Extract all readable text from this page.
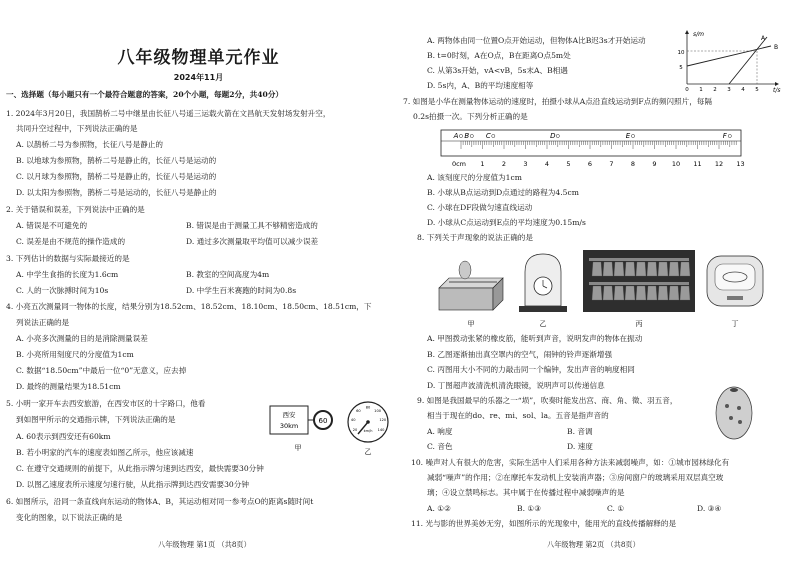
八年级物理单元作业
2024年11月
一、选择题（每小题只有一个最符合题意的答案，20个小题，每题2分，共40分）
1. 2024年3月20日，我国鹊桥二号中继星由长征八号遥三运载火箭在文昌航天发射场发射升空，
共同升空过程中，下列说法正确的是
A. 以鹊桥二号为参照物，长征八号是静止的
B. 以地球为参照物，鹊桥二号是静止的，长征八号是运动的
C. 以月球为参照物，鹊桥二号是静止的，长征八号是运动的
D. 以太阳为参照物，鹊桥二号是运动的，长征八号是静止的
2. 关于错误和误差，下列说法中正确的是
A. 错误是不可避免的	B. 错误是由于测量工具不够精密造成的
C. 误差是由不规范的操作造成的	D. 通过多次测量取平均值可以减少误差
3. 下列估计的数据与实际最接近的是
A. 中学生食指的长度为1.6cm	B. 教室的空间高度为4m
C. 人的一次脉搏时间为10s	D. 中学生百米赛跑的时间为0.8s
4. 小亮五次测量同一物体的长度，结果分别为18.52cm、18.52cm、18.10cm、18.50cm、18.51cm，下
列说法正确的是
A. 小亮多次测量的目的是消除测量误差
B. 小亮所用刻度尺的分度值为1cm
C. 数据“18.50cm”中最后一位“0”无意义，应去掉
D. 最终的测量结果为18.51cm
5. 小明一家开车去西安旅游，在西安市区的十字路口，他看
到如图甲所示的交通指示牌，下列说法正确的是
A. 60表示到西安还有60km
B. 若小明家的汽车的速度表如图乙所示，他应该减速
C. 在遵守交通规则的前提下，从此指示牌匀速到达西安，最快需要30分钟
D. 以图乙速度表所示速度匀速行驶，从此指示牌到达西安需要30分钟
6. 如图所示，沿同一条直线向东运动的物体A、B，其运动相对同一参考点O的距离s随时间t
变化的图象，以下说法正确的是
西安
30km
60
甲
20
40
60
80
100
120
140
km/h
乙
八年级物理 第1页 （共8页）
A. 两物体由同一位置O点开始运动，但物体A比B迟3s才开始运动
B. t=0时刻，A在O点，B在距离O点5m处
C. 从第3s开始，vA<vB，5s末A、B相遇
D. 5s内，A、B的平均速度相等
s/m
t/s
5
10
0 1 2 3 4 5
A
B
7. 如图是小华在测量物体运动的速度时，拍摄小球从A点沿直线运动到F点的频闪照片，每隔
0.2s拍摄一次。下列分析正确的是
0cm 1	2	3	4	5	6	7	8	9 10 11 12 13
A B C	D	E	F
A. 该刻度尺的分度值为1cm
B. 小球从B点运动到D点通过的路程为4.5cm
C. 小球在DF段做匀速直线运动
D. 小球从C点运动到E点的平均速度为0.15m/s
8. 下列关于声现象的说法正确的是
甲	乙	丙	丁
A. 甲图拨动张紧的橡皮筋，能听到声音，说明发声的物体在振动
B. 乙图逐渐抽出真空罩内的空气，闹钟的铃声逐渐增强
C. 丙图用大小不同的力敲击同一个编钟，发出声音的响度相同
D. 丁图超声波清洗机清洗眼镜，说明声可以传递信息
9. 如图是我国最早的乐器之一“埙”，吹奏时能发出宫、商、角、徵、羽五音，
相当于现在的do、re、mi、sol、la。五音是指声音的
A. 响度	B. 音调
C. 音色	D. 速度
10. 噪声对人有很大的危害，实际生活中人们采用各种方法来减弱噪声，如：①城市园林绿化有
减弱“噪声”的作用；②在摩托车发动机上安装消声器；③房间窗户的玻璃采用双层真空玻
璃；④设立禁鸣标志。其中属于在传播过程中减弱噪声的是
A. ①②	B. ①③	C. ①	D. ③④
11. 光与影的世界美妙无穷，如图所示的光现象中，能用光的直线传播解释的是
八年级物理 第2页 （共8页）
